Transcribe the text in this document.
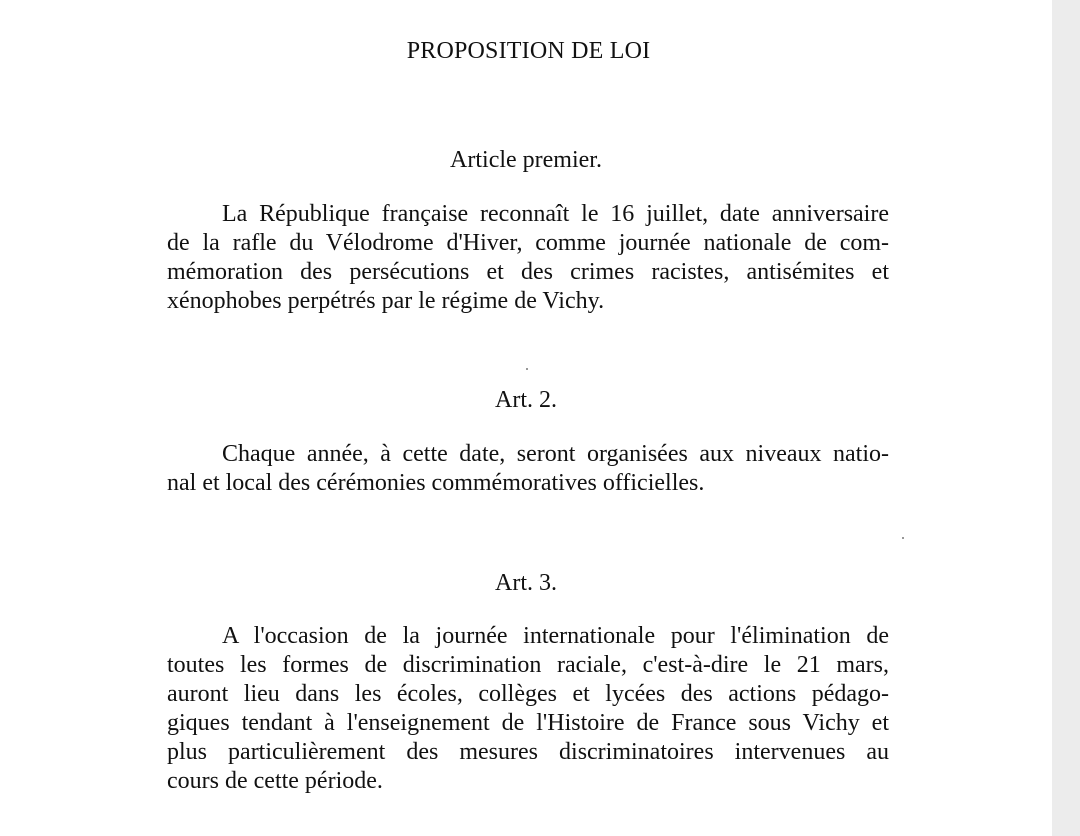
PROPOSITION DE LOI
Article premier.
La République française reconnaît le 16 juillet, date anniversaire
de la rafle du Vélodrome d'Hiver, comme journée nationale de com-
mémoration des persécutions et des crimes racistes, antisémites et
xénophobes perpétrés par le régime de Vichy.
Art. 2.
Chaque année, à cette date, seront organisées aux niveaux natio-
nal et local des cérémonies commémoratives officielles.
Art. 3.
A l'occasion de la journée internationale pour l'élimination de
toutes les formes de discrimination raciale, c'est-à-dire le 21 mars,
auront lieu dans les écoles, collèges et lycées des actions pédago-
giques tendant à l'enseignement de l'Histoire de France sous Vichy et
plus particulièrement des mesures discriminatoires intervenues au
cours de cette période.
